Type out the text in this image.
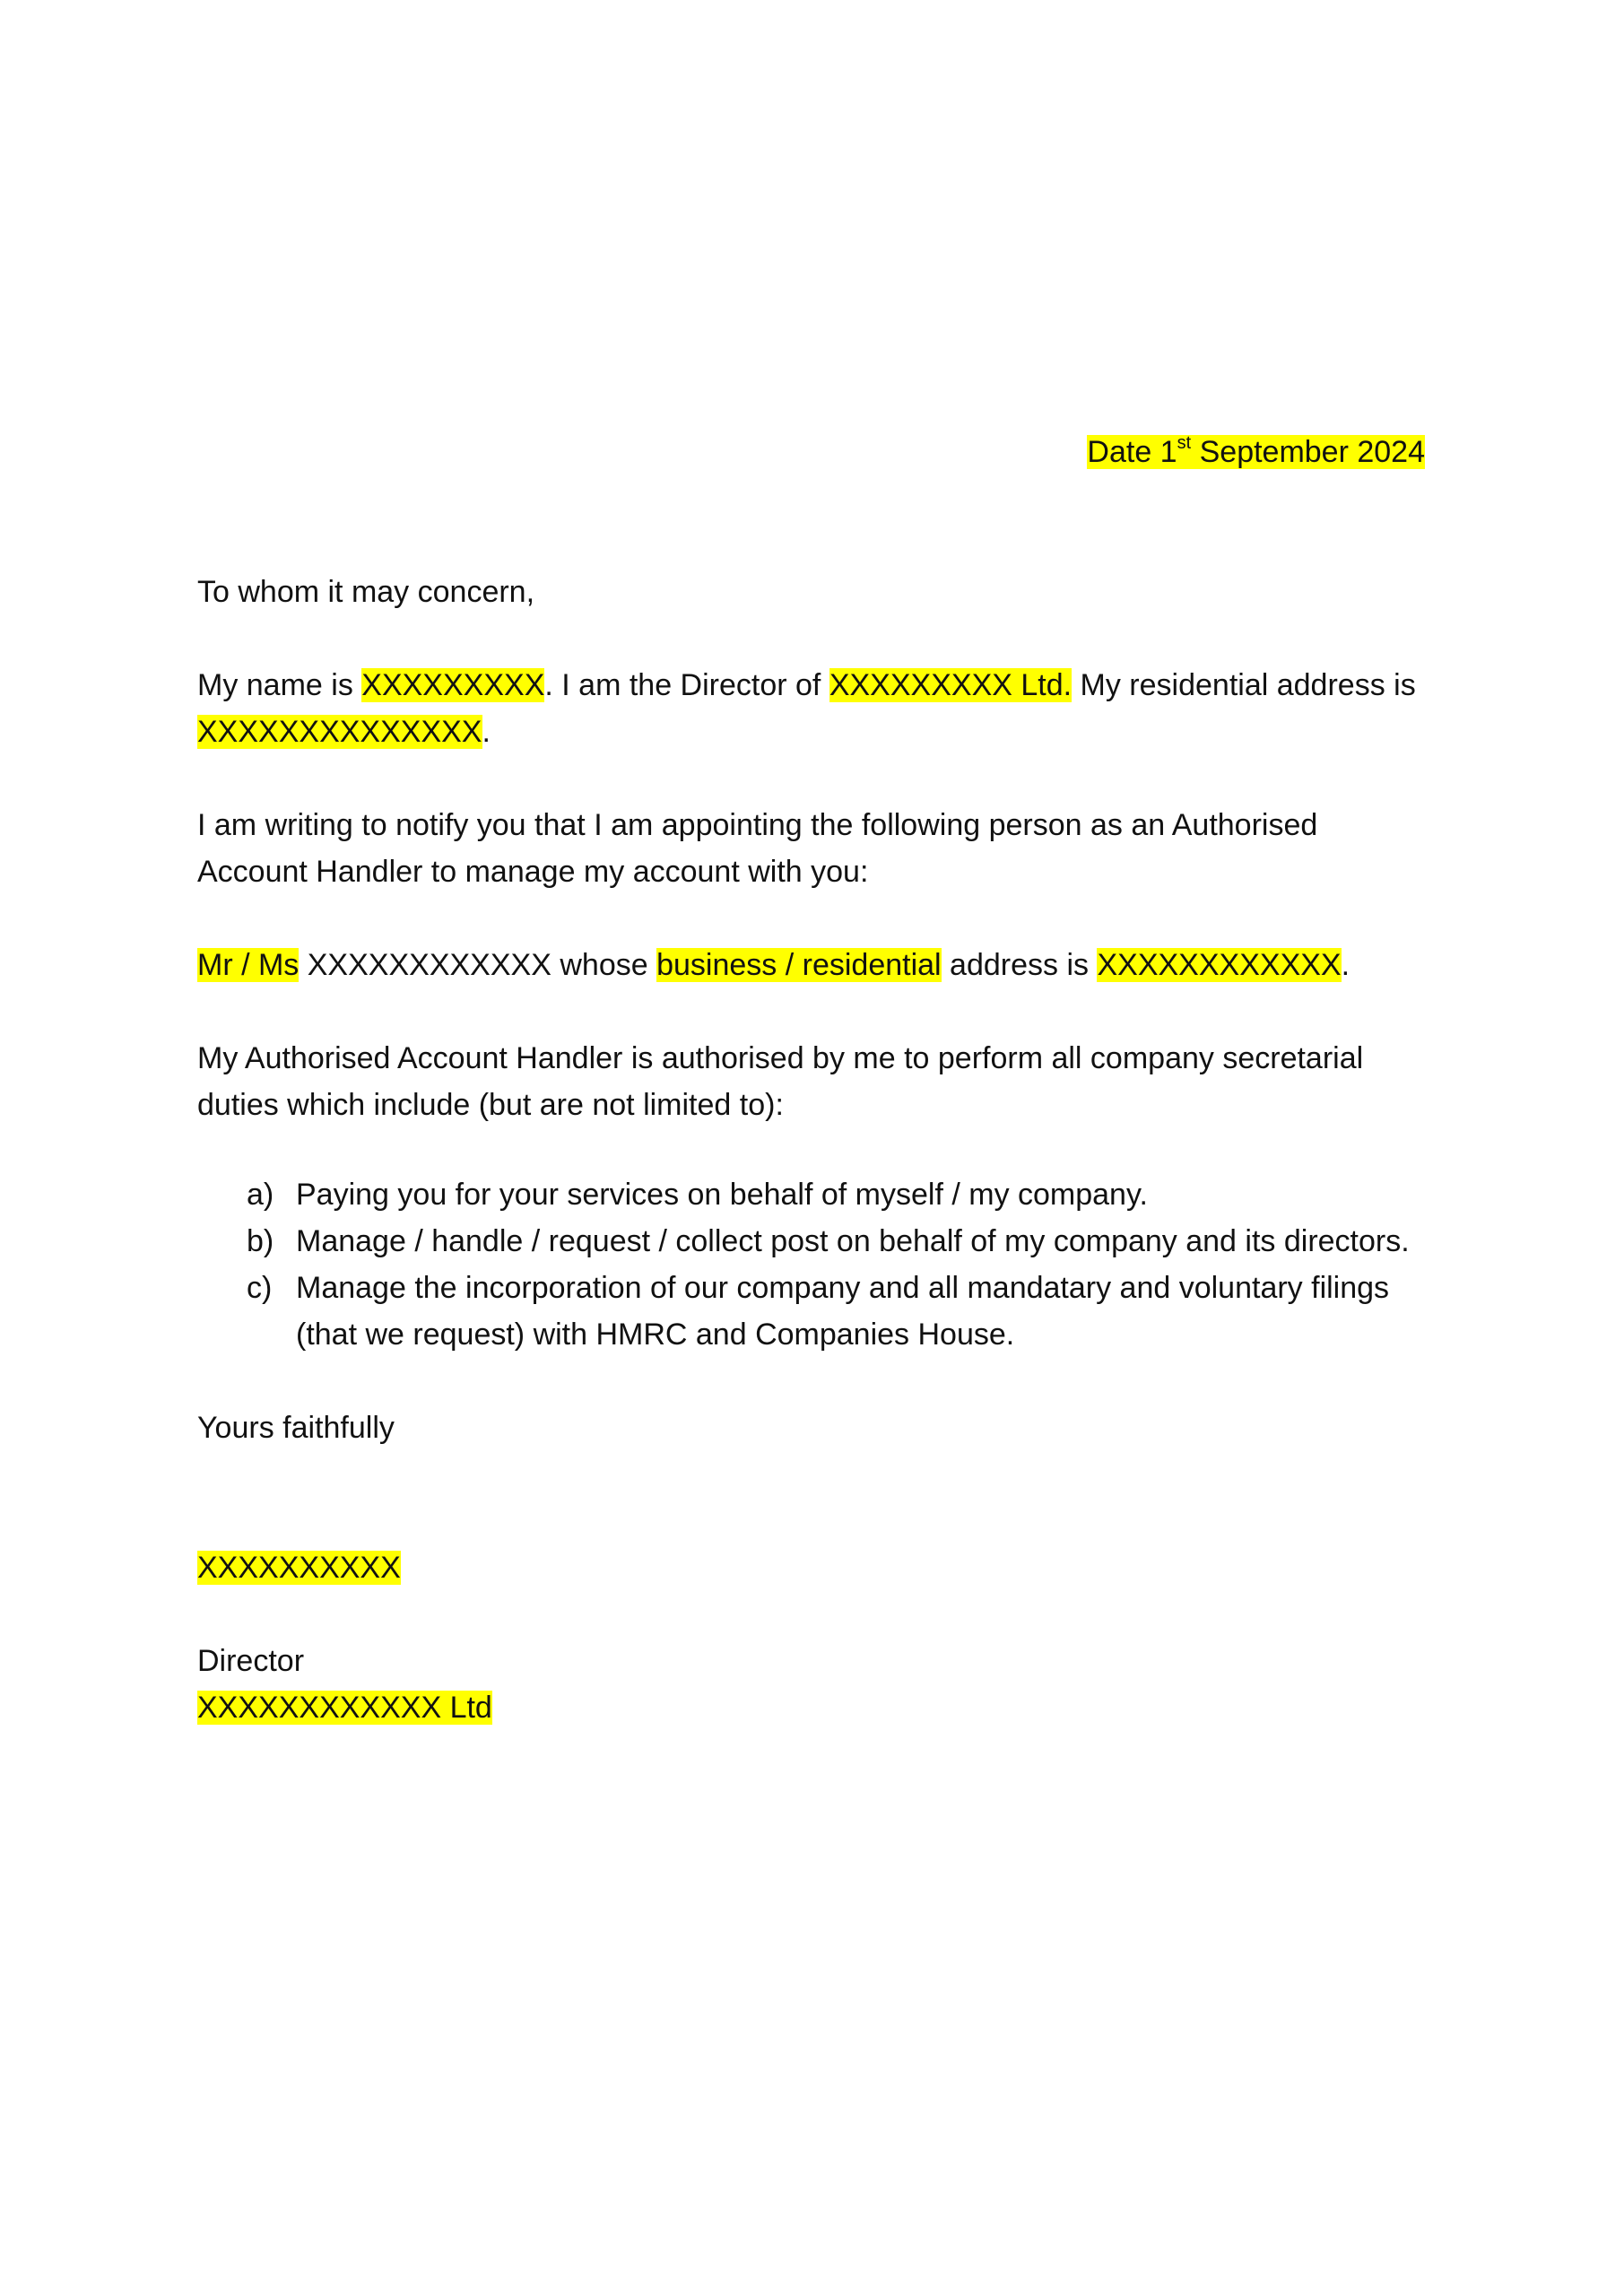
Date 1st September 2024
To whom it may concern,
My name is XXXXXXXXX. I am the Director of XXXXXXXXX Ltd. My residential address is
XXXXXXXXXXXXXX.
I am writing to notify you that I am appointing the following person as an Authorised
Account Handler to manage my account with you:
Mr / Ms XXXXXXXXXXXX whose business / residential address is XXXXXXXXXXXX.
My Authorised Account Handler is authorised by me to perform all company secretarial
duties which include (but are not limited to):
a) Paying you for your services on behalf of myself / my company.
b) Manage / handle / request / collect post on behalf of my company and its directors.
c) Manage the incorporation of our company and all mandatary and voluntary filings
(that we request) with HMRC and Companies House.
Yours faithfully
XXXXXXXXXX
Director
XXXXXXXXXXXX Ltd
